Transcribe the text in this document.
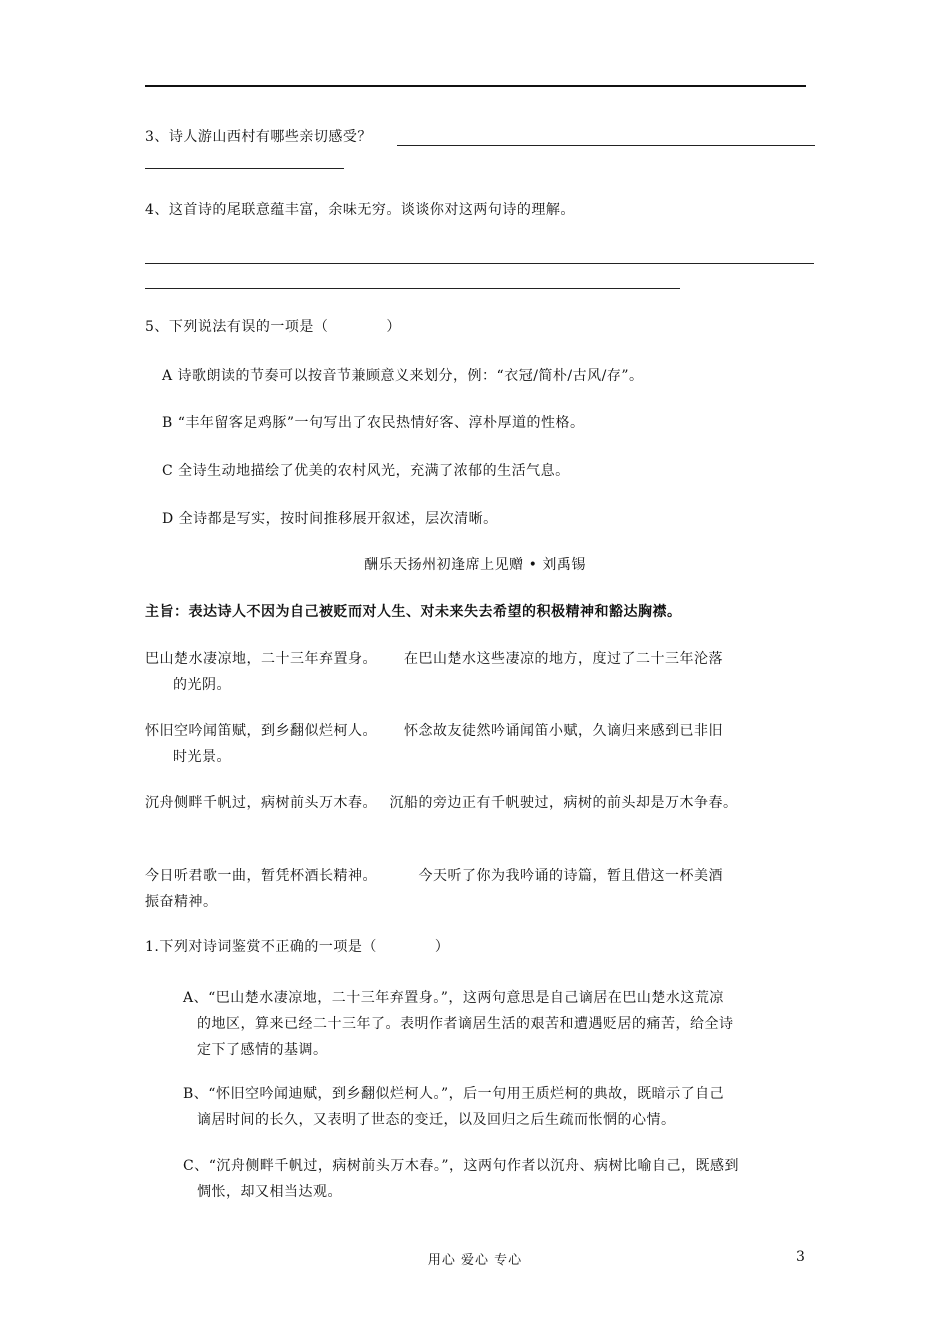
3、诗人游山西村有哪些亲切感受？
4、这首诗的尾联意蕴丰富，余味无穷。谈谈你对这两句诗的理解。
5、下列说法有误的一项是（　　　　）
A 诗歌朗读的节奏可以按音节兼顾意义来划分，例：“衣冠/简朴/古风/存”。
B “丰年留客足鸡豚”一句写出了农民热情好客、淳朴厚道的性格。
C 全诗生动地描绘了优美的农村风光，充满了浓郁的生活气息。
D 全诗都是写实，按时间推移展开叙述，层次清晰。
酬乐天扬州初逢席上见赠 • 刘禹锡
主旨：表达诗人不因为自己被贬而对人生、对未来失去希望的积极精神和豁达胸襟。
巴山楚水凄凉地，二十三年弃置身。　　 在巴山楚水这些凄凉的地方，度过了二十三年沦落
的光阴。
怀旧空吟闻笛赋，到乡翻似烂柯人。　　 怀念故友徒然吟诵闻笛小赋，久谪归来感到已非旧
时光景。
沉舟侧畔千帆过，病树前头万木春。　 沉船的旁边正有千帆驶过，病树的前头却是万木争春。
今日听君歌一曲，暂凭杯酒长精神。　　　 今天听了你为我吟诵的诗篇，暂且借这一杯美酒
振奋精神。
1.下列对诗词鉴赏不正确的一项是（　　　　）
A、“巴山楚水凄凉地，二十三年弃置身。”，这两句意思是自己谪居在巴山楚水这荒凉
的地区，算来已经二十三年了。表明作者谪居生活的艰苦和遭遇贬居的痛苦，给全诗
定下了感情的基调。
B、“怀旧空吟闻迪赋，到乡翻似烂柯人。”，后一句用王质烂柯的典故，既暗示了自己
谪居时间的长久，又表明了世态的变迁，以及回归之后生疏而怅惘的心情。
C、“沉舟侧畔千帆过，病树前头万木春。”，这两句作者以沉舟、病树比喻自己，既感到
惆怅，却又相当达观。
用心 爱心 专心	3
